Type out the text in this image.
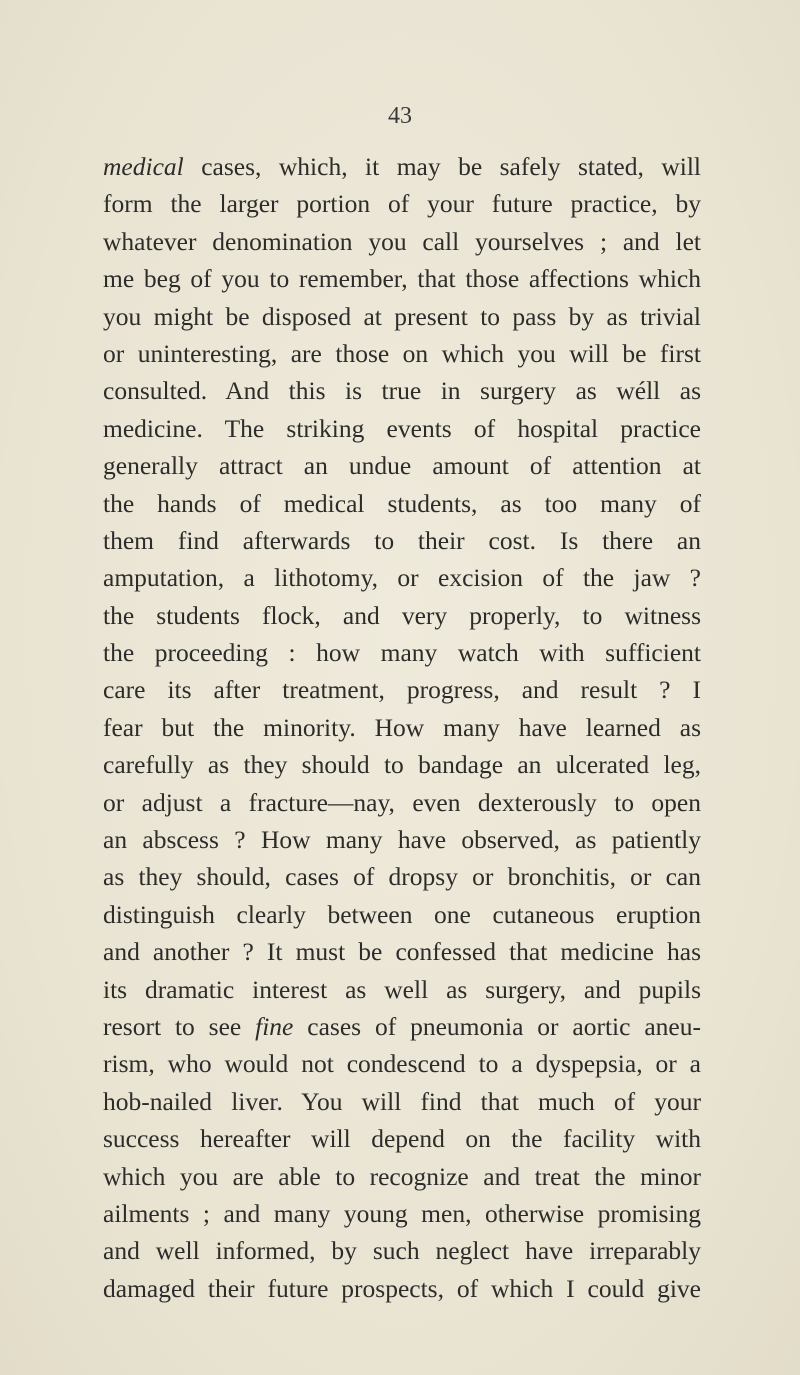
43
medical cases, which, it may be safely stated, will
form the larger portion of your future practice, by
whatever denomination you call yourselves ; and let
me beg of you to remember, that those affections which
you might be disposed at present to pass by as trivial
or uninteresting, are those on which you will be first
consulted. And this is true in surgery as wéll as
medicine. The striking events of hospital practice
generally attract an undue amount of attention at
the hands of medical students, as too many of
them find afterwards to their cost. Is there an
amputation, a lithotomy, or excision of the jaw ?
the students flock, and very properly, to witness
the proceeding : how many watch with sufficient
care its after treatment, progress, and result ? I
fear but the minority. How many have learned as
carefully as they should to bandage an ulcerated leg,
or adjust a fracture—nay, even dexterously to open
an abscess ? How many have observed, as patiently
as they should, cases of dropsy or bronchitis, or can
distinguish clearly between one cutaneous eruption
and another ? It must be confessed that medicine has
its dramatic interest as well as surgery, and pupils
resort to see fine cases of pneumonia or aortic aneu-
rism, who would not condescend to a dyspepsia, or a
hob-nailed liver. You will find that much of your
success hereafter will depend on the facility with
which you are able to recognize and treat the minor
ailments ; and many young men, otherwise promising
and well informed, by such neglect have irreparably
damaged their future prospects, of which I could give
